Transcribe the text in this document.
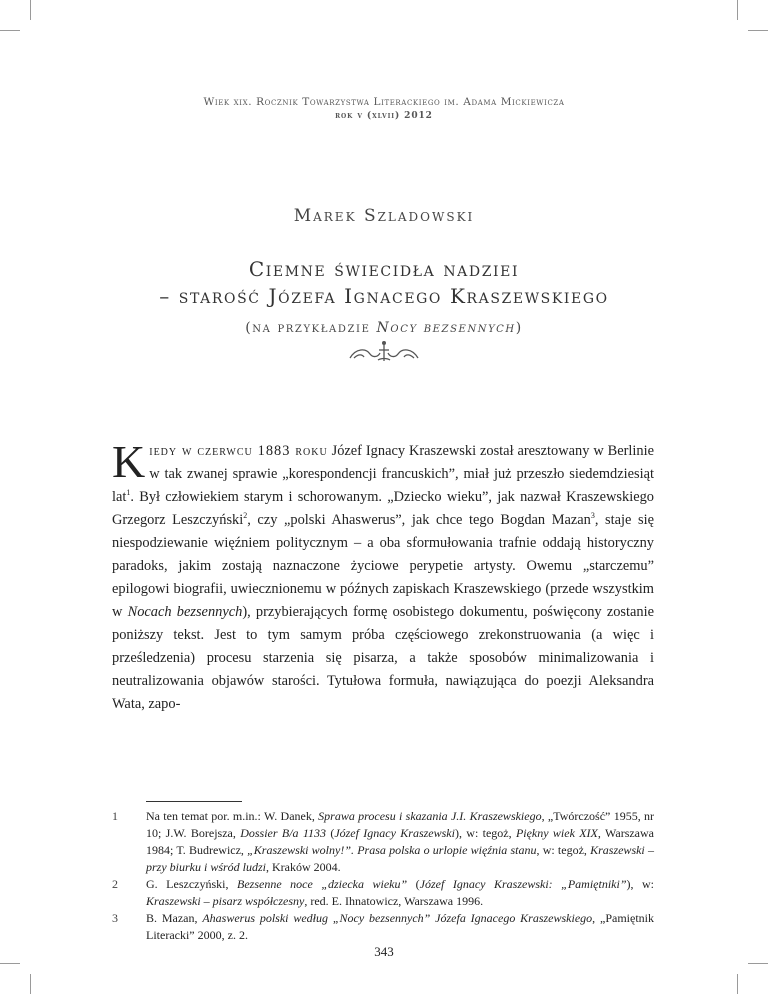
Wiek xix. Rocznik Towarzystwa Literackiego im. Adama Mickiewicza
rok v (xlvii) 2012
Marek Szladowski
Ciemne świecidła nadziei
– starość Józefa Ignacego Kraszewskiego
(na przykładzie Nocy bezsennych)
Kiedy w czerwcu 1883 roku Józef Ignacy Kraszewski został aresztowany w Berlinie w tak zwanej sprawie „korespondencji francuskich”, miał już przeszło siedemdziesiąt lat$^1$. Był człowiekiem starym i schorowanym. „Dziecko wieku”, jak nazwał Kraszewskiego Grzegorz Leszczyński$^2$, czy „polski Ahaswerus”, jak chce tego Bogdan Mazan$^3$, staje się niespodziewanie więźniem politycznym – a oba sformułowania trafnie oddają historyczny paradoks, jakim zostają naznaczone życiowe perypetie artysty. Owemu „starczemu” epilogowi biografii, uwiecznionemu w późnych zapiskach Kraszewskiego (przede wszystkim w Nocach bezsennych), przybierających formę osobistego dokumentu, poświęcony zostanie poniższy tekst. Jest to tym samym próba częściowego zrekonstruowania (a więc i prześledzenia) procesu starzenia się pisarza, a także sposobów minimalizowania i neutralizowania objawów starości. Tytułowa formuła, nawiązująca do poezji Aleksandra Wata, zapo-
1	Na ten temat por. m.in.: W. Danek, Sprawa procesu i skazania J.I. Kraszewskiego, „Twórczość” 1955, nr 10; J.W. Borejsza, Dossier B/a 1133 (Józef Ignacy Kraszewski), w: tegoż, Piękny wiek XIX, Warszawa 1984; T. Budrewicz, „Kraszewski wolny!”. Prasa polska o urlopie więźnia stanu, w: tegoż, Kraszewski – przy biurku i wśród ludzi, Kraków 2004.
2	G. Leszczyński, Bezsenne noce „dziecka wieku” (Józef Ignacy Kraszewski: „Pamiętniki”), w: Kraszewski – pisarz współczesny, red. E. Ihnatowicz, Warszawa 1996.
3	B. Mazan, Ahaswerus polski według „Nocy bezsennych” Józefa Ignacego Kraszewskiego, „Pamiętnik Literacki” 2000, z. 2.
343
